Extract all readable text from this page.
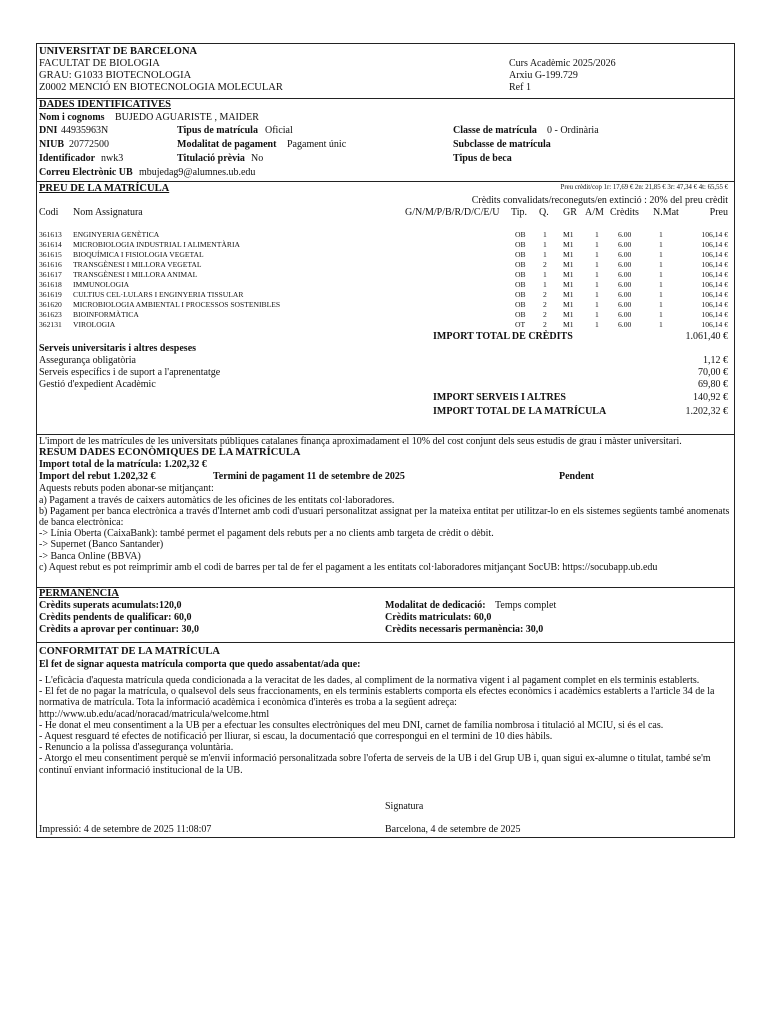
UNIVERSITAT DE BARCELONA
FACULTAT DE BIOLOGIA
GRAU: G1033 BIOTECNOLOGIA
Z0002 MENCIÓ EN BIOTECNOLOGIA MOLECULAR
Curs Acadèmic 2025/2026
Arxiu G-199.729
Ref 1
DADES IDENTIFICATIVES
Nom i cognoms BUJEDO AGUARISTE , MAIDER
DNI 44935963N	Tipus de matrícula Oficial	Classe de matrícula 0 - Ordinària
NIUB 20772500	Modalitat de pagament Pagament únic	Subclasse de matrícula
Identificador nwk3	Titulació prèvia No	Tipus de beca
Correu Electrònic UB mbujedag9@alumnes.ub.edu
PREU DE LA MATRÍCULA	Preu crèdit/cop 1r: 17,69 € 2n: 21,85 € 3r: 47,34 € 4t: 65,55 €
Crèdits convalidats/reconeguts/en extinció : 20% del preu crèdit
Codi Nom Assignatura	G/N/M/P/B/R/D/C/E/U Tip. Q. GR A/M Crèdits N.Mat	Preu
361613 ENGINYERIA GENÈTICA	OB 1 M1	1	6.00	1	106,14 €
361614 MICROBIOLOGIA INDUSTRIAL I ALIMENTÀRIA	OB 1 M1	1	6.00	1	106,14 €
361615 BIOQUÍMICA I FISIOLOGIA VEGETAL	OB 1 M1	1	6.00	1	106,14 €
361616 TRANSGÈNESI I MILLORA VEGETAL	OB 2 M1	1	6.00	1	106,14 €
361617 TRANSGÈNESI I MILLORA ANIMAL	OB 1 M1	1	6.00	1	106,14 €
361618 IMMUNOLOGIA	OB 1 M1	1	6.00	1	106,14 €
361619 CULTIUS CEL·LULARS I ENGINYERIA TISSULAR	OB 2 M1	1	6.00	1	106,14 €
361620 MICROBIOLOGIA AMBIENTAL I PROCESSOS SOSTENIBLES	OB 2 M1	1	6.00	1	106,14 €
361623 BIOINFORMÀTICA	OB 2 M1	1	6.00	1	106,14 €
362131 VIROLOGIA	OT 2 M1	1	6.00	1	106,14 €
IMPORT TOTAL DE CRÈDITS	1.061,40 €
Serveis universitaris i altres despeses
Assegurança obligatòria	1,12 €
Serveis específics i de suport a l'aprenentatge	70,00 €
Gestió d'expedient Acadèmic	69,80 €
IMPORT SERVEIS I ALTRES	140,92 €
IMPORT TOTAL DE LA MATRÍCULA	1.202,32 €

L'import de les matrícules de les universitats públiques catalanes finança aproximadament el 10% del cost conjunt dels seus estudis de grau i màster universitari.

RESUM DADES ECONÒMIQUES DE LA MATRÍCULA

Import total de la matrícula: 1.202,32 €

Import del rebut 1.202,32 €	Termini de pagament 11 de setembre de 2025	Pendent

Aquests rebuts poden abonar-se mitjançant:

a) Pagament a través de caixers automàtics de les oficines de les entitats col·laboradores.

b) Pagament per banca electrònica a través d'Internet amb codi d'usuari personalitzat assignat per la mateixa entitat per utilitzar-lo en els sistemes següents també anomenats de banca electrònica:

-> Línia Oberta (CaixaBank): també permet el pagament dels rebuts per a no clients amb targeta de crèdit o dèbit.

-> Supernet (Banco Santander)

-> Banca Online (BBVA)

c) Aquest rebut es pot reimprimir amb el codi de barres per tal de fer el pagament a les entitats col·laboradores mitjançant SocUB: https://socubapp.ub.edu

PERMANÈNCIA
Crèdits superats acumulats:120,0	Modalitat de dedicació: Temps complet
Crèdits pendents de qualificar: 60,0	Crèdits matriculats: 60,0
Crèdits a aprovar per continuar: 30,0	Crèdits necessaris permanència: 30,0

CONFORMITAT DE LA MATRÍCULA

El fet de signar aquesta matrícula comporta que quedo assabentat/ada que:

- L'eficàcia d'aquesta matrícula queda condicionada a la veracitat de les dades, al compliment de la normativa vigent i al pagament complet en els terminis establerts.

- El fet de no pagar la matrícula, o qualsevol dels seus fraccionaments, en els terminis establerts comporta els efectes econòmics i acadèmics establerts a l'article 34 de la normativa de matrícula. Tota la informació acadèmica i econòmica d'interès es troba a la següent adreça:

http://www.ub.edu/acad/noracad/matricula/welcome.html

- He donat el meu consentiment a la UB per a efectuar les consultes electròniques del meu DNI, carnet de família nombrosa i titulació al MCIU, si és el cas.

- Aquest resguard té efectes de notificació per lliurar, si escau, la documentació que correspongui en el termini de 10 dies hàbils.

- Renuncio a la polissa d'assegurança voluntària.

- Atorgo el meu consentiment perquè se m'envii informació personalitzada sobre l'oferta de serveis de la UB i del Grup UB i, quan sigui ex-alumne o titulat, també se'm continuï enviant informació institucional de la UB.

Signatura
Impressió: 4 de setembre de 2025 11:08:07	Barcelona, 4 de setembre de 2025
